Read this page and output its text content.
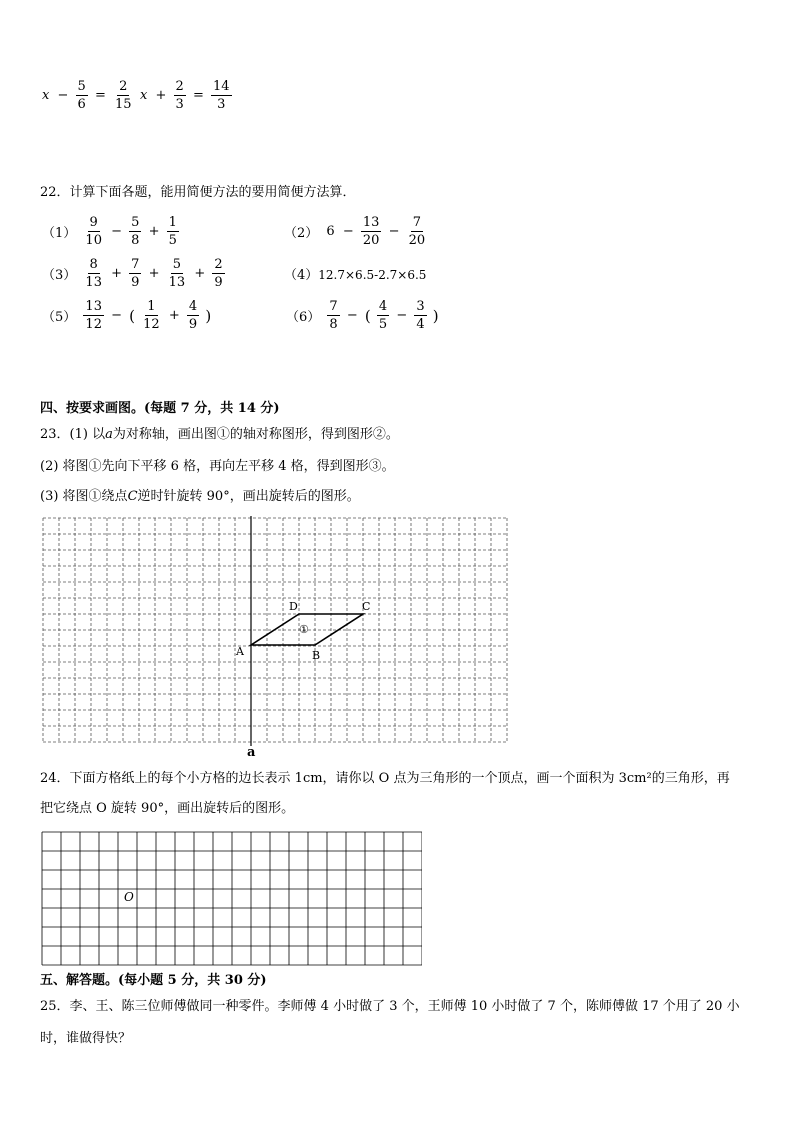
$x - \frac{5}{6} = \frac{2}{15}$ $x + \frac{2}{3} = \frac{14}{3}$
22．计算下面各题，能用简便方法的要用简便方法算．
$(1) \frac{9}{10} - \frac{5}{8} + \frac{1}{5}$	（2） $6 - \frac{13}{20} - \frac{7}{20}$
$(3) \frac{8}{13} + \frac{7}{9} + \frac{5}{13} + \frac{2}{9}$	（4）12.7×6.5-2.7×6.5
$(5) \frac{13}{12}$ − ( $\frac{1}{12} + \frac{4}{9}$ )	$(6) \frac{7}{8}$ − ( $\frac{4}{5} - \frac{3}{4}$ )
四、按要求画图。(每题 7 分，共 14 分)
23．(1) 以a为对称轴，画出图①的轴对称图形，得到图形②。
(2) 将图①先向下平移 6 格，再向左平移 4 格，得到图形③。
(3) 将图①绕点C逆时针旋转 90°，画出旋转后的图形。
A	B
C
D
①
a
24．下面方格纸上的每个小方格的边长表示 1cm，请你以 O 点为三角形的一个顶点，画一个面积为 3cm²的三角形，再
把它绕点 O 旋转 90°，画出旋转后的图形。
O
五、解答题。(每小题 5 分，共 30 分)
25．李、王、陈三位师傅做同一种零件。李师傅 4 小时做了 3 个，王师傅 10 小时做了 7 个，陈师傅做 17 个用了 20 小
时，谁做得快？
